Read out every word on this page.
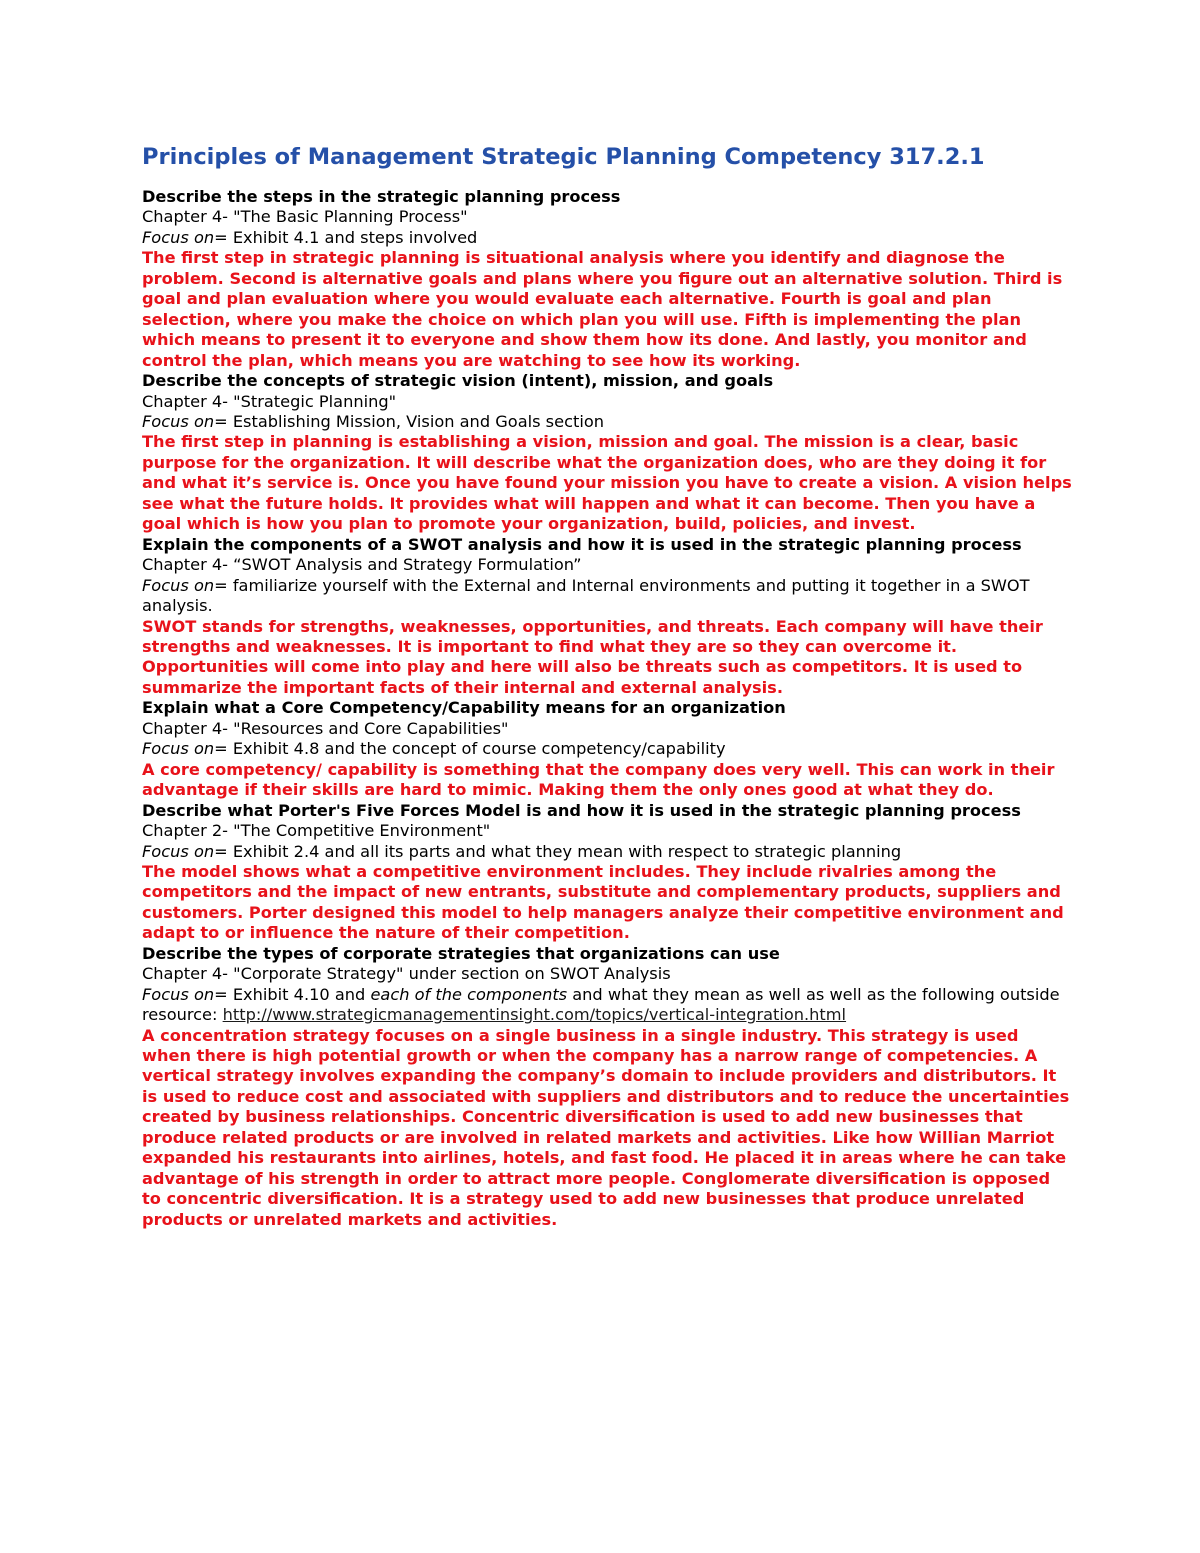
Principles of Management Strategic Planning Competency 317.2.1
Describe the steps in the strategic planning process
Chapter 4- "The Basic Planning Process"
Focus on= Exhibit 4.1 and steps involved
The first step in strategic planning is situational analysis where you identify and diagnose the problem. Second is alternative goals and plans where you figure out an alternative solution. Third is goal and plan evaluation where you would evaluate each alternative. Fourth is goal and plan selection, where you make the choice on which plan you will use. Fifth is implementing the plan which means to present it to everyone and show them how its done. And lastly, you monitor and control the plan, which means you are watching to see how its working.
Describe the concepts of strategic vision (intent), mission, and goals
Chapter 4- "Strategic Planning"
Focus on= Establishing Mission, Vision and Goals section
The first step in planning is establishing a vision, mission and goal. The mission is a clear, basic purpose for the organization. It will describe what the organization does, who are they doing it for and what it’s service is. Once you have found your mission you have to create a vision. A vision helps see what the future holds. It provides what will happen and what it can become. Then you have a goal which is how you plan to promote your organization, build, policies, and invest.
Explain the components of a SWOT analysis and how it is used in the strategic planning process
Chapter 4- “SWOT Analysis and Strategy Formulation”
Focus on= familiarize yourself with the External and Internal environments and putting it together in a SWOT analysis.
SWOT stands for strengths, weaknesses, opportunities, and threats. Each company will have their strengths and weaknesses. It is important to find what they are so they can overcome it. Opportunities will come into play and here will also be threats such as competitors. It is used to summarize the important facts of their internal and external analysis.
Explain what a Core Competency/Capability means for an organization
Chapter 4- "Resources and Core Capabilities"
Focus on= Exhibit 4.8 and the concept of course competency/capability
A core competency/ capability is something that the company does very well. This can work in their advantage if their skills are hard to mimic. Making them the only ones good at what they do.
Describe what Porter's Five Forces Model is and how it is used in the strategic planning process
Chapter 2- "The Competitive Environment"
Focus on= Exhibit 2.4 and all its parts and what they mean with respect to strategic planning
The model shows what a competitive environment includes. They include rivalries among the competitors and the impact of new entrants, substitute and complementary products, suppliers and customers. Porter designed this model to help managers analyze their competitive environment and adapt to or influence the nature of their competition.
Describe the types of corporate strategies that organizations can use
Chapter 4- "Corporate Strategy" under section on SWOT Analysis
Focus on= Exhibit 4.10 and each of the components and what they mean as well as well as the following outside resource: http://www.strategicmanagementinsight.com/topics/vertical-integration.html
A concentration strategy focuses on a single business in a single industry. This strategy is used when there is high potential growth or when the company has a narrow range of competencies. A vertical strategy involves expanding the company’s domain to include providers and distributors. It is used to reduce cost and associated with suppliers and distributors and to reduce the uncertainties created by business relationships. Concentric diversification is used to add new businesses that produce related products or are involved in related markets and activities. Like how Willian Marriot expanded his restaurants into airlines, hotels, and fast food. He placed it in areas where he can take advantage of his strength in order to attract more people. Conglomerate diversification is opposed to concentric diversification. It is a strategy used to add new businesses that produce unrelated products or unrelated markets and activities.
